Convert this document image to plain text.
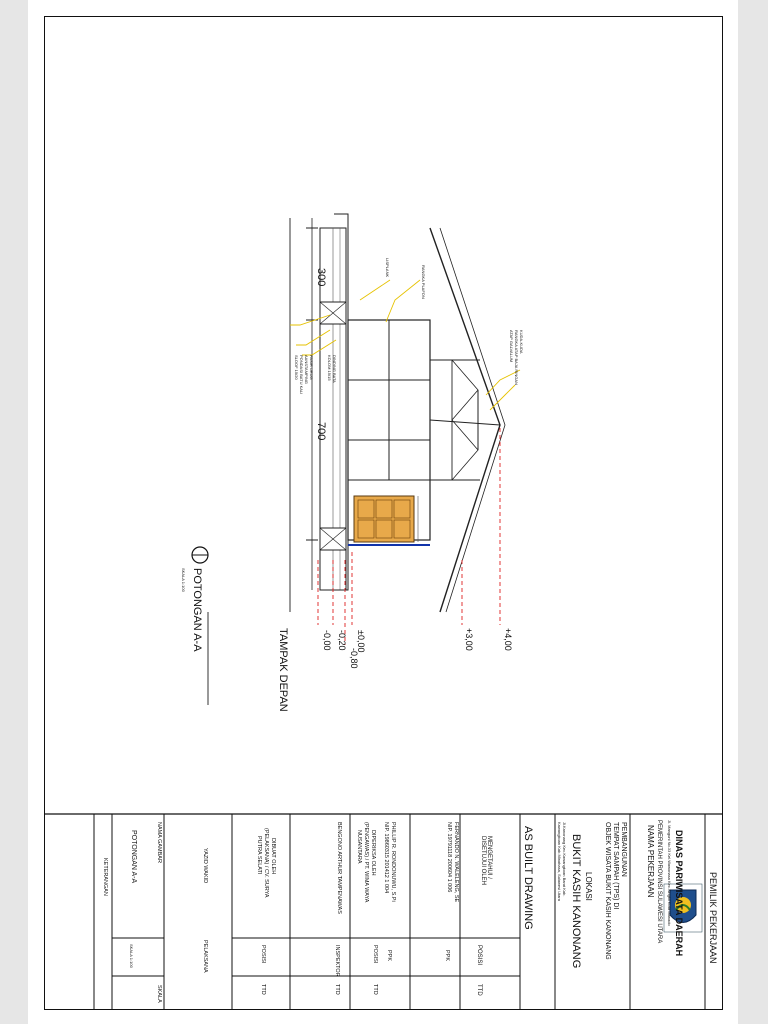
300
700
-0,00 -0,20
-0,80
±0,00	+3,00	+4,00
SLOOF 15/20 PONDASI BATU KALI AANSTAMPING PASIR URUG	KOLOM 15/15 DINDING BATA
LISPLANK	RANGKA PLAFON
ATAP GALVALUM RANGKA ATAP BAJA RINGAN KUDA-KUDA
POTONGAN A-A
SKALA 1:100
TAMPAK DEPAN
PEMILIK PEKERJAAN
DINAS PARIWISATA DAERAH
Jl. Manguni No.33 Kel.Wawonasa Kec.Singkil Kota Manado
PEMERINTAH PROVINSI SULAWESI UTARA
NAMA PEKERJAAN
PEMBANGUNAN
TEMPAT SAMPAH (TPS) DI
OBJEK WISATA BUKIT KASIH KANONANG
LOKASI
BUKIT KASIH KANONANG
Jl.Kanonang Kec.Kawangkoan Barat Kab.
Kawangkoan Kab.Minahasa, Sulawesi Utara
AS BUILT DRAWING
MENGETAHUI /
DISETUJUI OLEH
POSISI
TTD
FERNANDO N. WALELENG, SE
NIP. 19791118 200604 1 006
PPK
PHILLIP R. RONDONUWU, S.Pi
NIP. 19860315 201412 1 004
PPK
DIPERIKSA OLEH
(PENGAWAS) / PT. WIMA WAYA
NUSANTARA
POSISI
TTD
BENGONO ARTHUR TAMPENAWAS
INSPEKTOR
TTD
DIBUAT OLEH
(PELAKSANA) / CV. SURYA
PUTRA SELATI
POSISI
TTD
YAZID WAKID
PELAKSANA
NAMA GAMBAR
SKALA
POTONGAN A-A
SKALA 1:100
KETERANGAN
